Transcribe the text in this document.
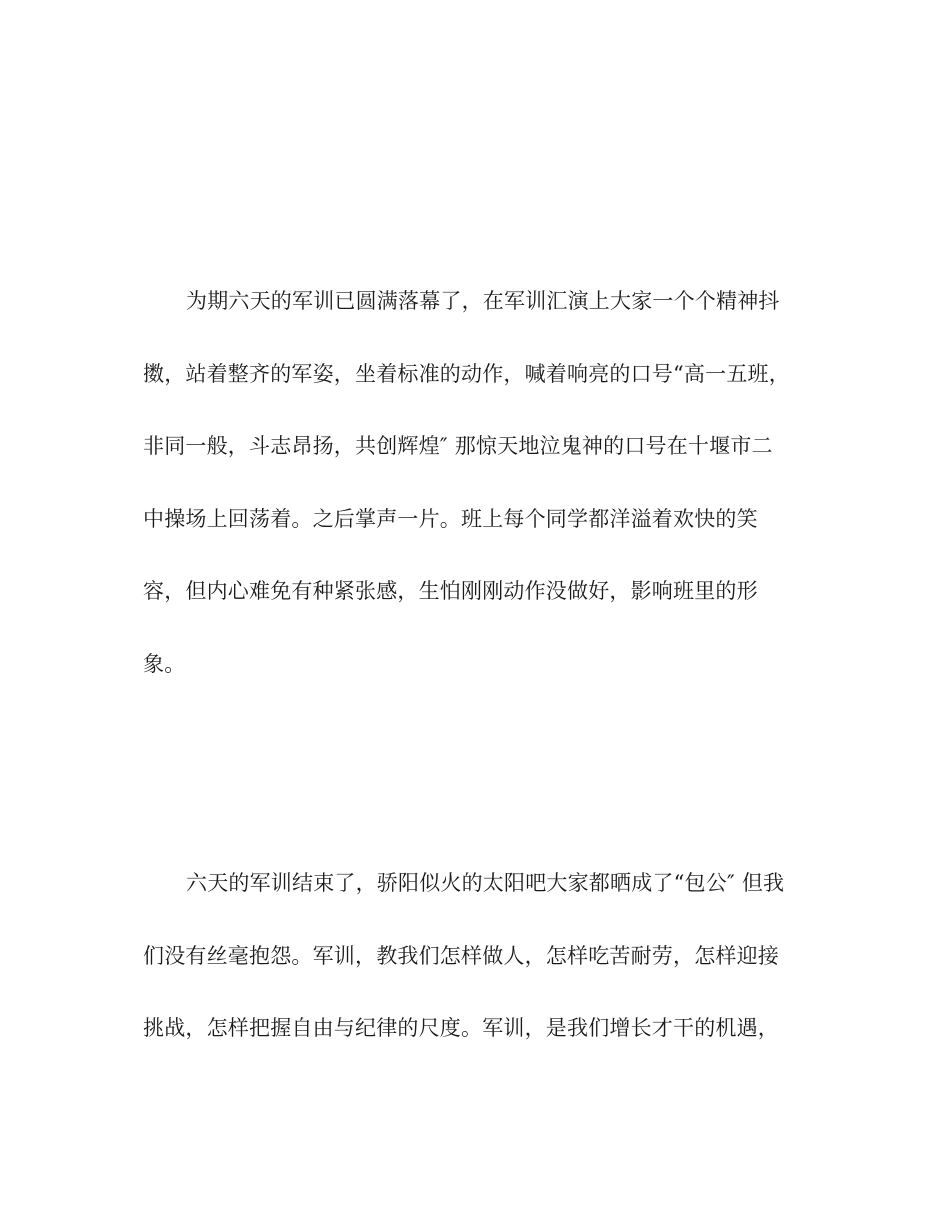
为期六天的军训已圆满落幕了，在军训汇演上大家一个个精神抖
擞，站着整齐的军姿，坐着标准的动作，喊着响亮的口号“高一五班，
非同一般，斗志昂扬，共创辉煌″ 那惊天地泣鬼神的口号在十堰市二
中操场上回荡着。之后掌声一片。班上每个同学都洋溢着欢快的笑
容，但内心难免有种紧张感，生怕刚刚动作没做好，影响班里的形
象。
六天的军训结束了，骄阳似火的太阳吧大家都晒成了“包公″ 但我
们没有丝毫抱怨。军训，教我们怎样做人，怎样吃苦耐劳，怎样迎接
挑战，怎样把握自由与纪律的尺度。军训，是我们增长才干的机遇，
